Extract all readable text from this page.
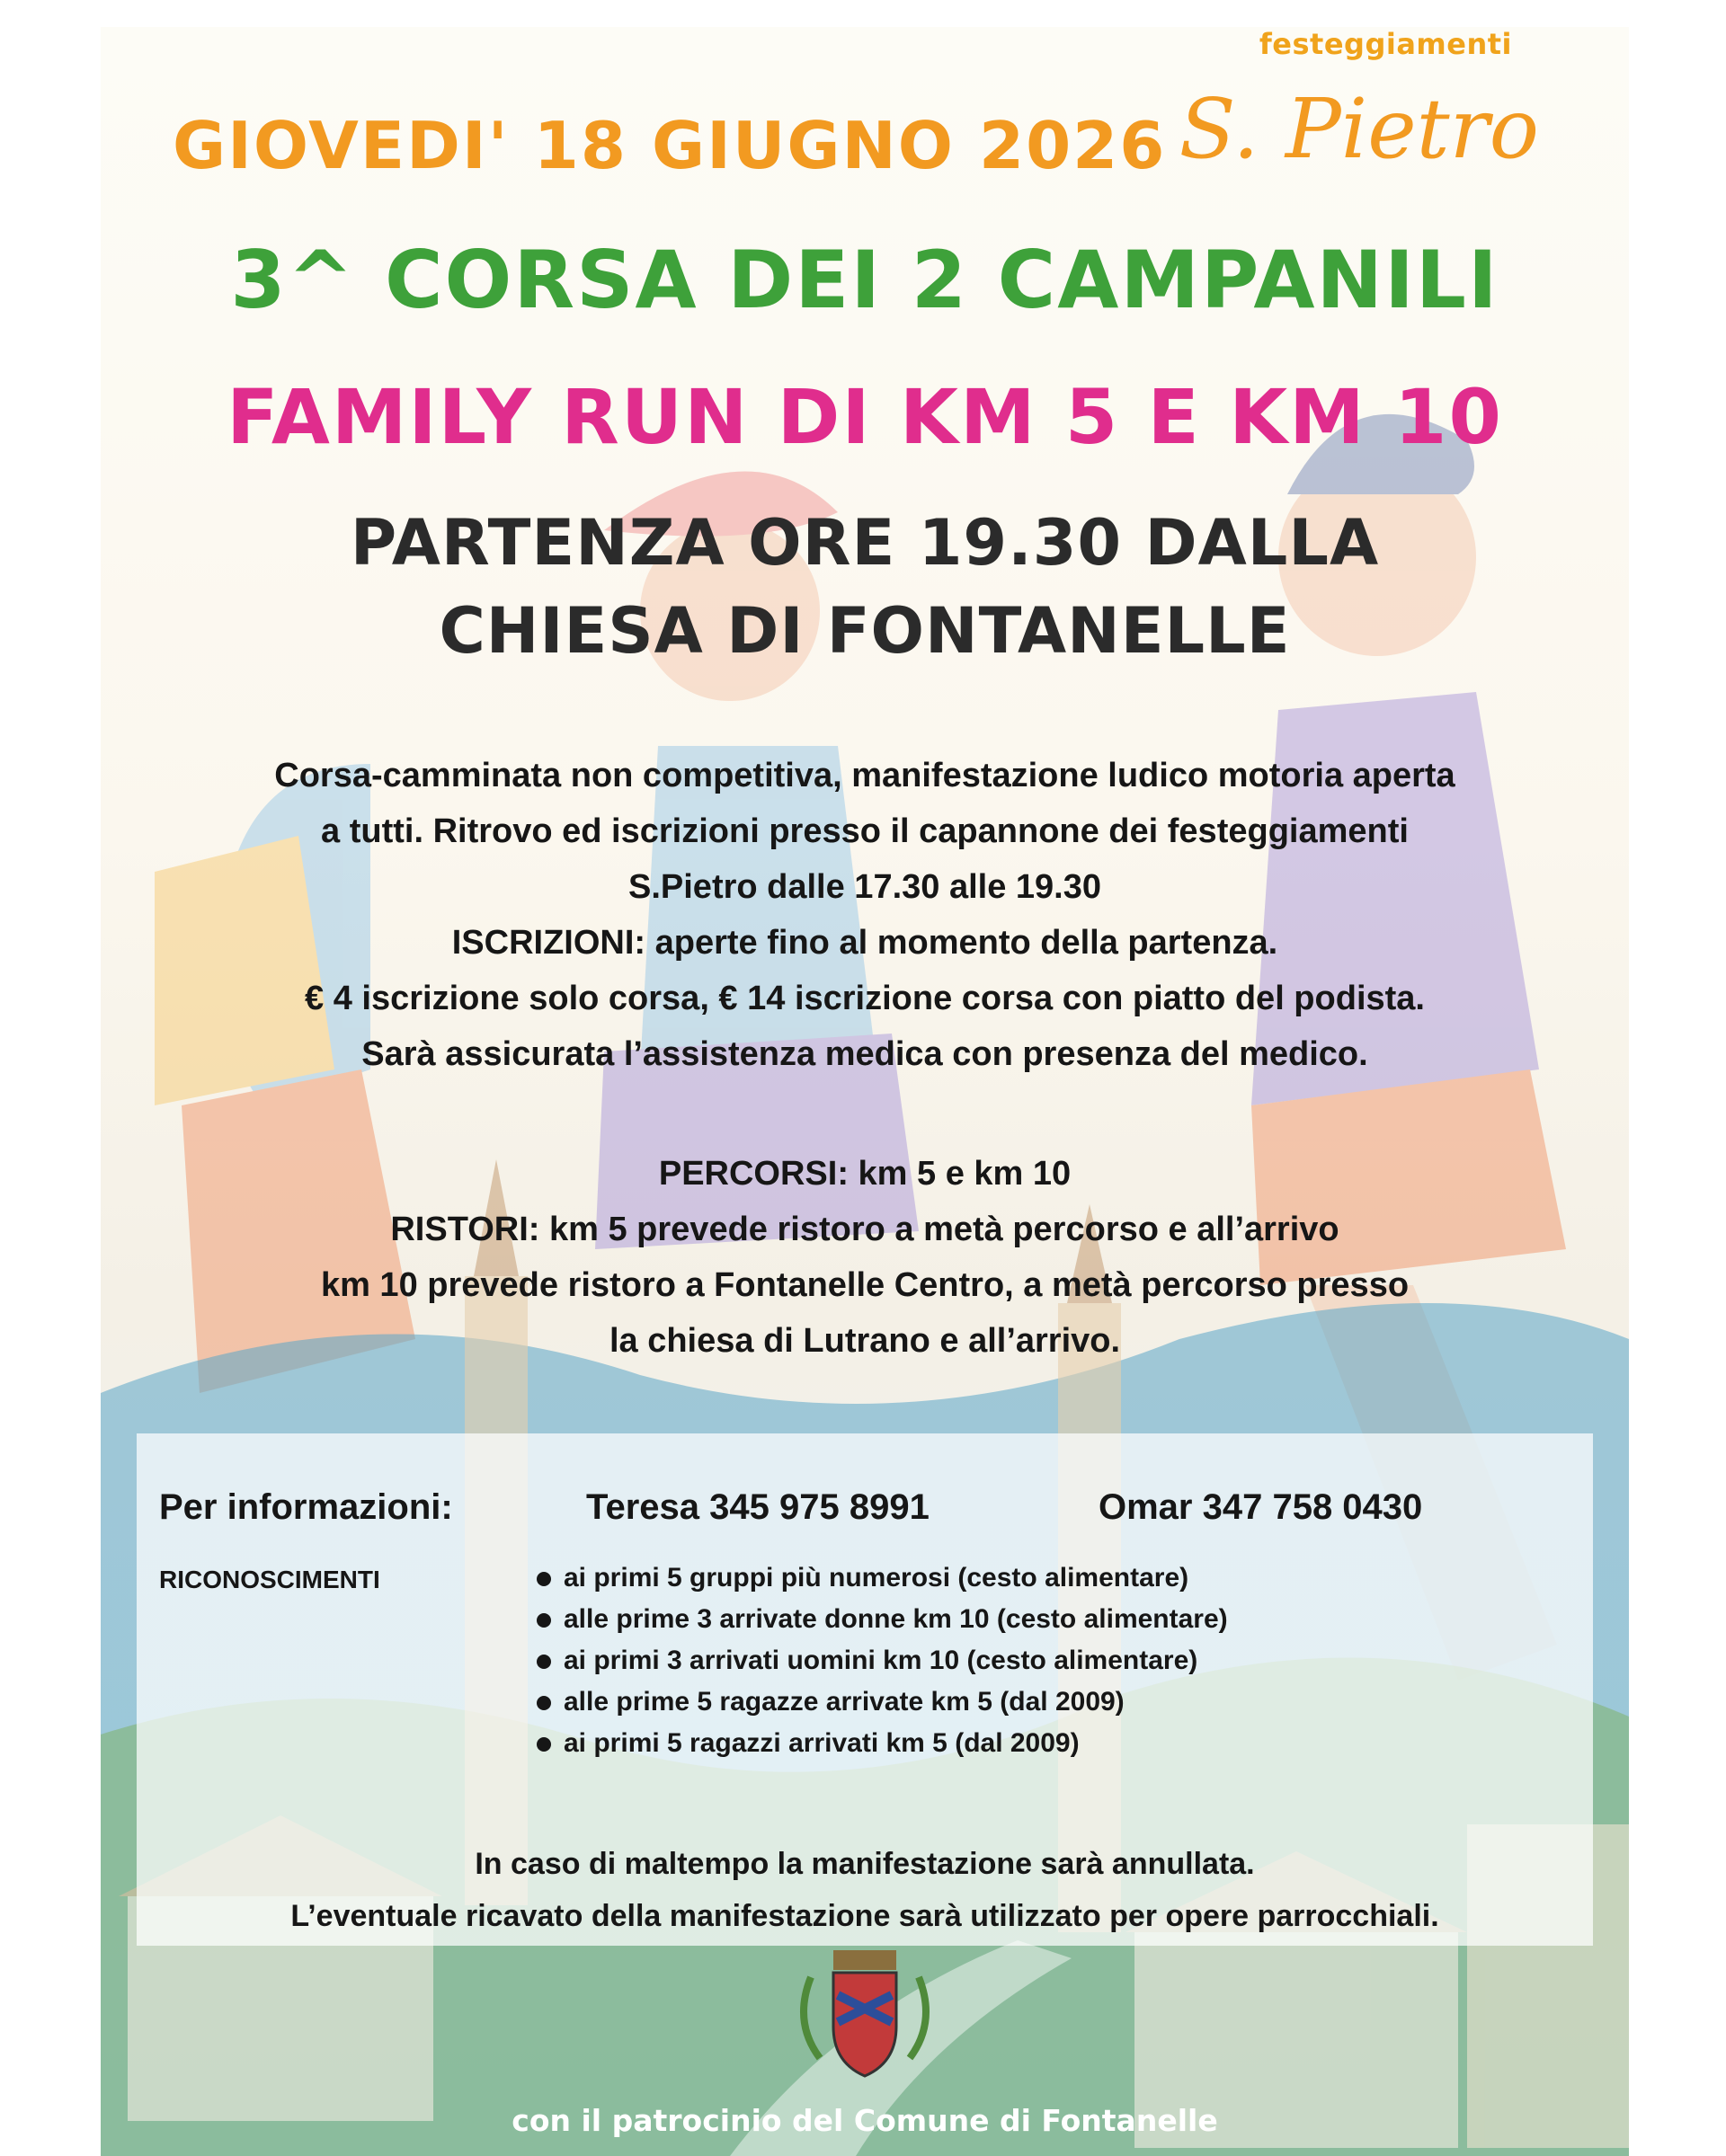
festeggiamenti
S. Pietro
GIOVEDI' 18 GIUGNO 2026
3^ CORSA DEI 2 CAMPANILI
FAMILY RUN DI KM 5 E KM 10
PARTENZA ORE 19.30 DALLA
CHIESA DI FONTANELLE
Corsa-camminata non competitiva, manifestazione ludico motoria aperta
a tutti. Ritrovo ed iscrizioni presso il capannone dei festeggiamenti
S.Pietro dalle 17.30 alle 19.30
ISCRIZIONI: aperte fino al momento della partenza.
€ 4 iscrizione solo corsa, € 14 iscrizione corsa con piatto del podista.
Sarà assicurata l’assistenza medica con presenza del medico.
PERCORSI: km 5 e km 10
RISTORI: km 5 prevede ristoro a metà percorso e all’arrivo
km 10 prevede ristoro a Fontanelle Centro, a metà percorso presso
la chiesa di Lutrano e all’arrivo.
Per informazioni:	Teresa 345 975 8991	Omar 347 758 0430
RICONOSCIMENTI	ai primi 5 gruppi più numerosi (cesto alimentare)
alle prime 3 arrivate donne km 10 (cesto alimentare)
ai primi 3 arrivati uomini km 10 (cesto alimentare)
alle prime 5 ragazze arrivate km 5 (dal 2009)
ai primi 5 ragazzi arrivati km 5 (dal 2009)
In caso di maltempo la manifestazione sarà annullata.
L’eventuale ricavato della manifestazione sarà utilizzato per opere parrocchiali.
con il patrocinio del Comune di Fontanelle
